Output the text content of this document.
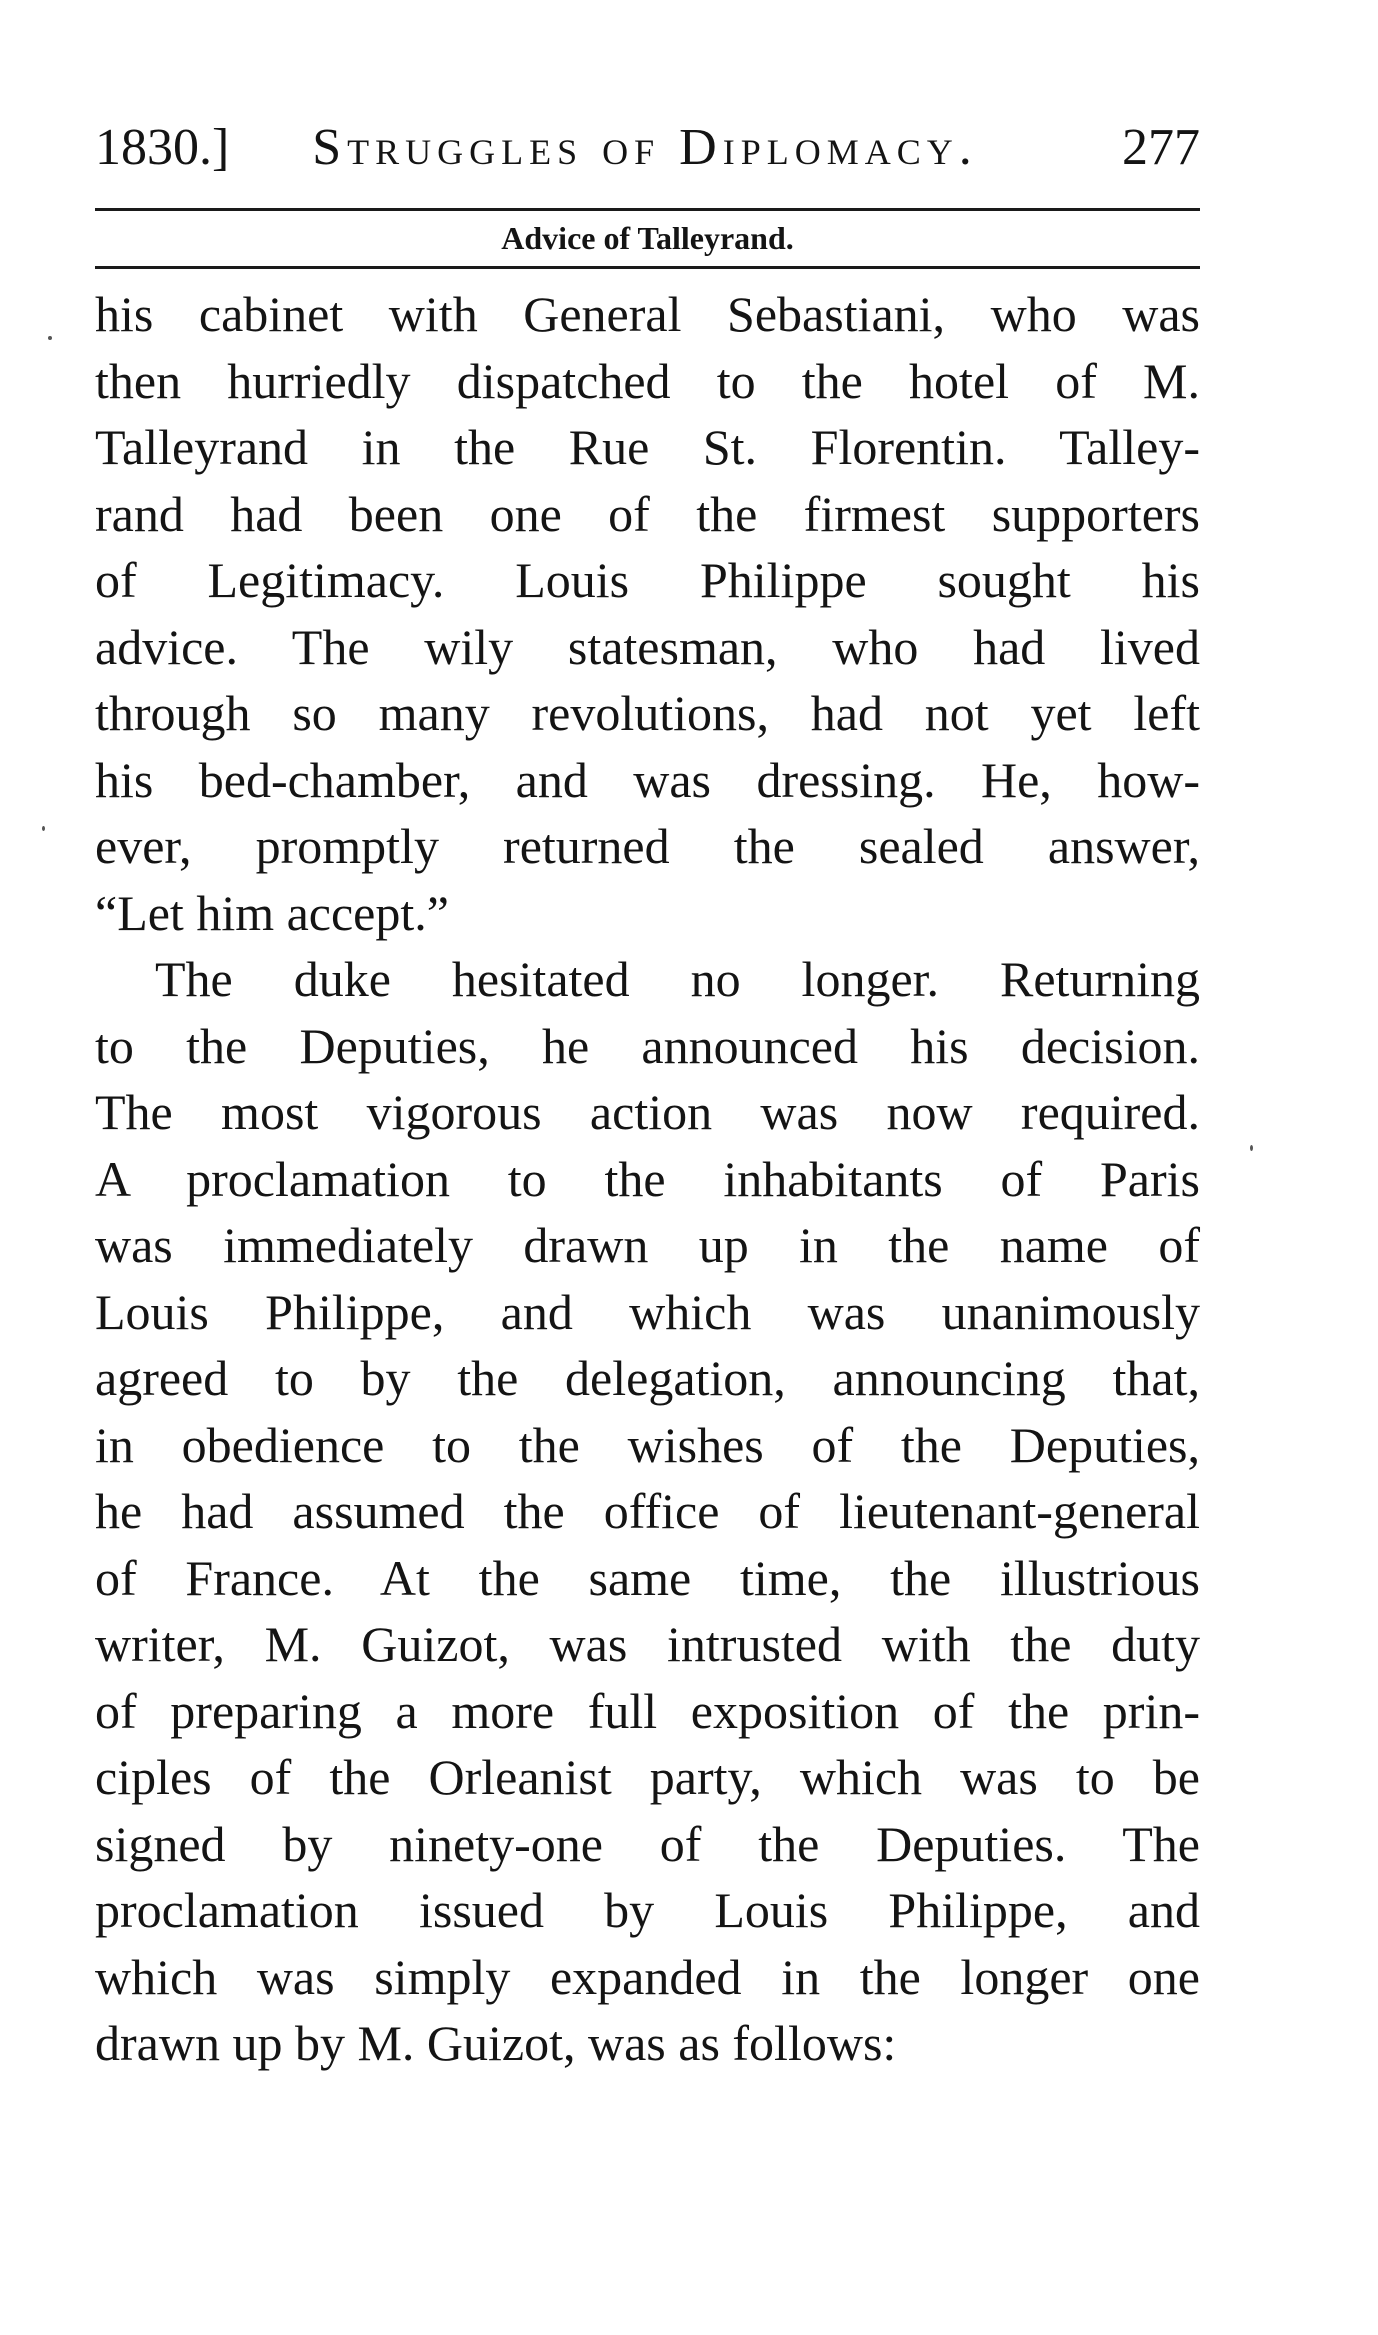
1830.]	Struggles of Diplomacy.	277
Advice of Talleyrand.
his cabinet with General Sebastiani, who was
then hurriedly dispatched to the hotel of M.
Talleyrand in the Rue St. Florentin. Talley-
rand had been one of the firmest supporters
of Legitimacy. Louis Philippe sought his
advice. The wily statesman, who had lived
through so many revolutions, had not yet left
his bed-chamber, and was dressing. He, how-
ever, promptly returned the sealed answer,
“Let him accept.”
The duke hesitated no longer. Returning
to the Deputies, he announced his decision.
The most vigorous action was now required.
A proclamation to the inhabitants of Paris
was immediately drawn up in the name of
Louis Philippe, and which was unanimously
agreed to by the delegation, announcing that,
in obedience to the wishes of the Deputies,
he had assumed the office of lieutenant-general
of France. At the same time, the illustrious
writer, M. Guizot, was intrusted with the duty
of preparing a more full exposition of the prin-
ciples of the Orleanist party, which was to be
signed by ninety-one of the Deputies. The
proclamation issued by Louis Philippe, and
which was simply expanded in the longer one
drawn up by M. Guizot, was as follows:
